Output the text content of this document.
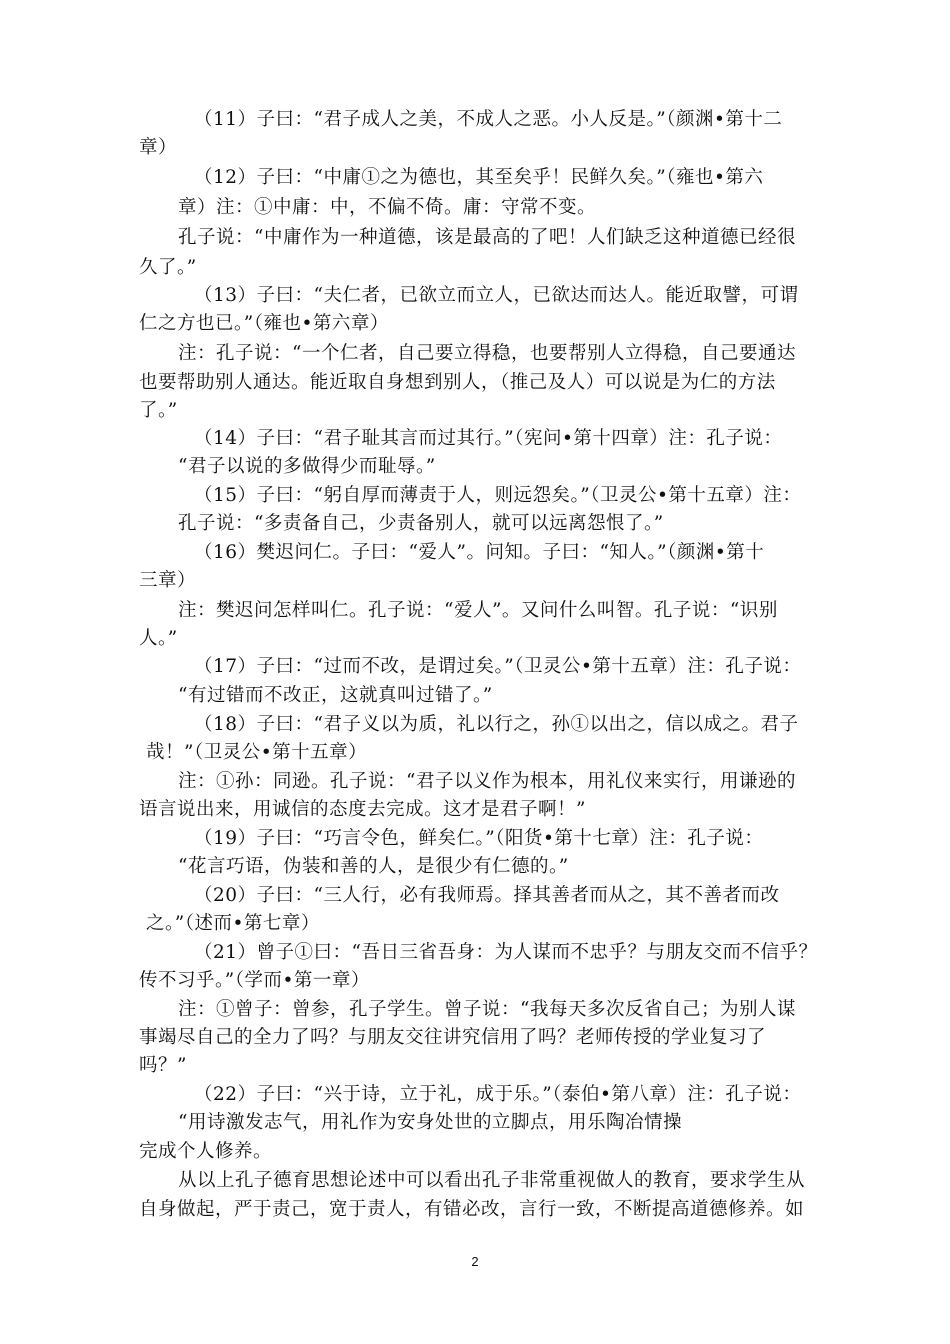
（11）子曰：“君子成人之美，不成人之恶。小人反是。”（颜渊•第十二
章）
（12）子曰：“中庸①之为德也，其至矣乎！民鲜久矣。”（雍也•第六
章）注：①中庸：中，不偏不倚。庸：守常不变。
孔子说：“中庸作为一种道德，该是最高的了吧！人们缺乏这种道德已经很
久了。”
（13）子曰：“夫仁者，已欲立而立人，已欲达而达人。能近取譬，可谓
仁之方也已。”（雍也•第六章）
注：孔子说：“一个仁者，自己要立得稳，也要帮别人立得稳，自己要通达
也要帮助别人通达。能近取自身想到别人，（推己及人）可以说是为仁的方法
了。”
（14）子曰：“君子耻其言而过其行。”（宪问•第十四章）注：孔子说：
“君子以说的多做得少而耻辱。”
（15）子曰：“躬自厚而薄责于人，则远怨矣。”（卫灵公•第十五章）注：
孔子说：“多责备自己，少责备别人，就可以远离怨恨了。”
（16）樊迟问仁。子曰：“爱人”。问知。子曰：“知人。”（颜渊•第十
三章）
注：樊迟问怎样叫仁。孔子说：“爱人”。又问什么叫智。孔子说：“识别
人。”
（17）子曰：“过而不改，是谓过矣。”（卫灵公•第十五章）注：孔子说：
“有过错而不改正，这就真叫过错了。”
（18）子曰：“君子义以为质，礼以行之，孙①以出之，信以成之。君子
哉！”（卫灵公•第十五章）
注：①孙：同逊。孔子说：“君子以义作为根本，用礼仪来实行，用谦逊的
语言说出来，用诚信的态度去完成。这才是君子啊！”
（19）子曰：“巧言令色，鲜矣仁。”（阳货•第十七章）注：孔子说：
“花言巧语，伪装和善的人，是很少有仁德的。”
（20）子曰：“三人行，必有我师焉。择其善者而从之，其不善者而改
之。”（述而•第七章）
（21）曾子①曰：“吾日三省吾身：为人谋而不忠乎？与朋友交而不信乎？
传不习乎。”（学而•第一章）
注：①曾子：曾参，孔子学生。曾子说：“我每天多次反省自己；为别人谋
事竭尽自己的全力了吗？与朋友交往讲究信用了吗？老师传授的学业复习了
吗？”
（22）子曰：“兴于诗，立于礼，成于乐。”（泰伯•第八章）注：孔子说：
“用诗激发志气，用礼作为安身处世的立脚点，用乐陶冶情操
完成个人修养。
从以上孔子德育思想论述中可以看出孔子非常重视做人的教育，要求学生从
自身做起，严于责己，宽于责人，有错必改，言行一致，不断提高道德修养。如
2
